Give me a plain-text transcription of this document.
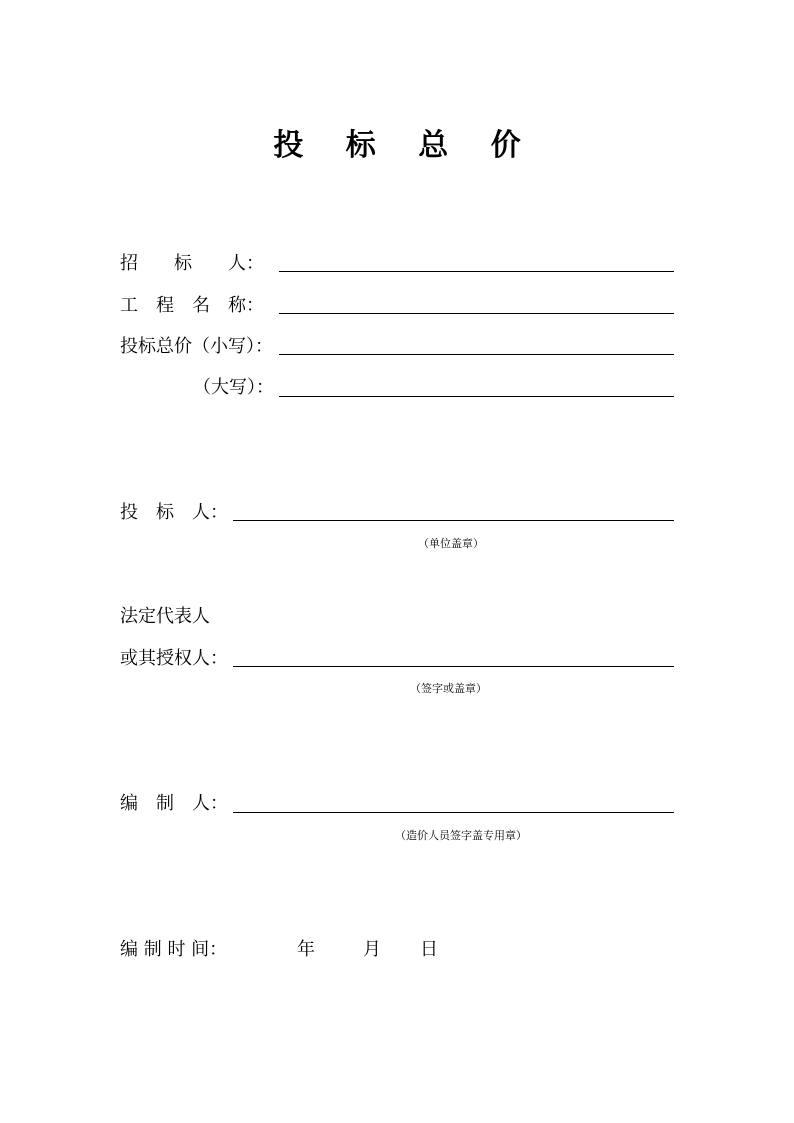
投 标 总 价
招　　标　　人：
工　程　名　称：
投标总价（小写）：
（大写）：
投　标　人：
（单位盖章）
法定代表人
或其授权人：
（签字或盖章）
编　制　人：
（造价人员签字盖专用章）
编 制 时 间：	年	月 日
